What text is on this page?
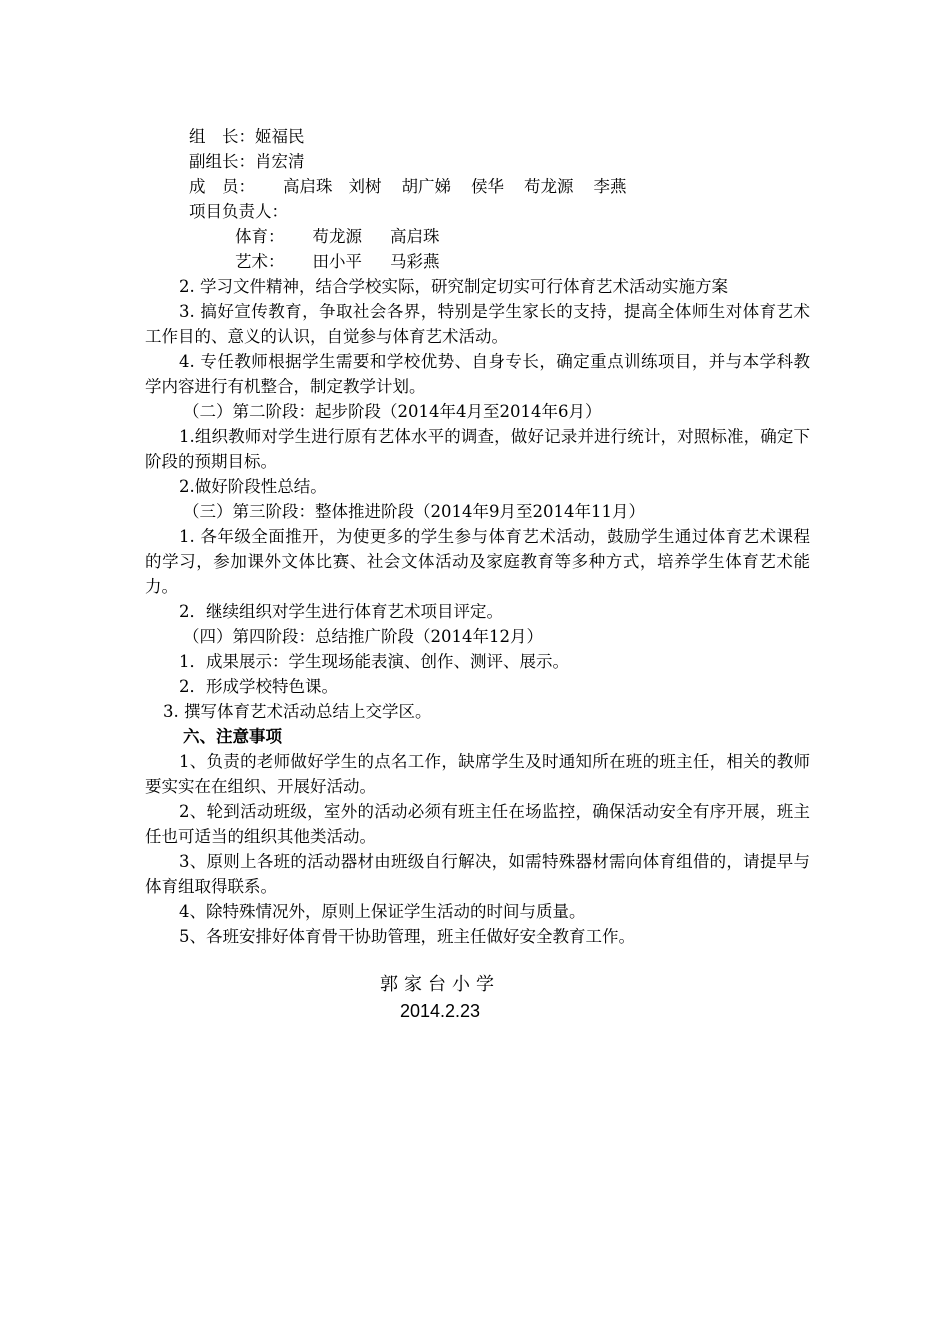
组　长：姬福民
副组长：肖宏清
成　员： 高启珠 刘树 胡广娣 侯华 苟龙源 李燕
项目负责人：
体育： 苟龙源 高启珠
艺术： 田小平 马彩燕
2. 学习文件精神，结合学校实际，研究制定切实可行体育艺术活动实施方案
3. 搞好宣传教育，争取社会各界，特别是学生家长的支持，提高全体师生对体育艺术工作目的、意义的认识，自觉参与体育艺术活动。
4. 专任教师根据学生需要和学校优势、自身专长，确定重点训练项目，并与本学科教学内容进行有机整合，制定教学计划。
（二）第二阶段：起步阶段（2014年4月至2014年6月）
1.组织教师对学生进行原有艺体水平的调查，做好记录并进行统计，对照标准，确定下阶段的预期目标。
2.做好阶段性总结。
（三）第三阶段：整体推进阶段（2014年9月至2014年11月）
1. 各年级全面推开，为使更多的学生参与体育艺术活动，鼓励学生通过体育艺术课程的学习，参加课外文体比赛、社会文体活动及家庭教育等多种方式，培养学生体育艺术能力。
2．继续组织对学生进行体育艺术项目评定。
（四）第四阶段：总结推广阶段（2014年12月）
1．成果展示：学生现场能表演、创作、测评、展示。
2．形成学校特色课。
3. 撰写体育艺术活动总结上交学区。
六、注意事项
1、负责的老师做好学生的点名工作，缺席学生及时通知所在班的班主任，相关的教师要实实在在组织、开展好活动。
2、轮到活动班级，室外的活动必须有班主任在场监控，确保活动安全有序开展，班主任也可适当的组织其他类活动。
3、原则上各班的活动器材由班级自行解决，如需特殊器材需向体育组借的，请提早与体育组取得联系。
4、除特殊情况外，原则上保证学生活动的时间与质量。
5、各班安排好体育骨干协助管理，班主任做好安全教育工作。
郭家台小学
2014.2.23
